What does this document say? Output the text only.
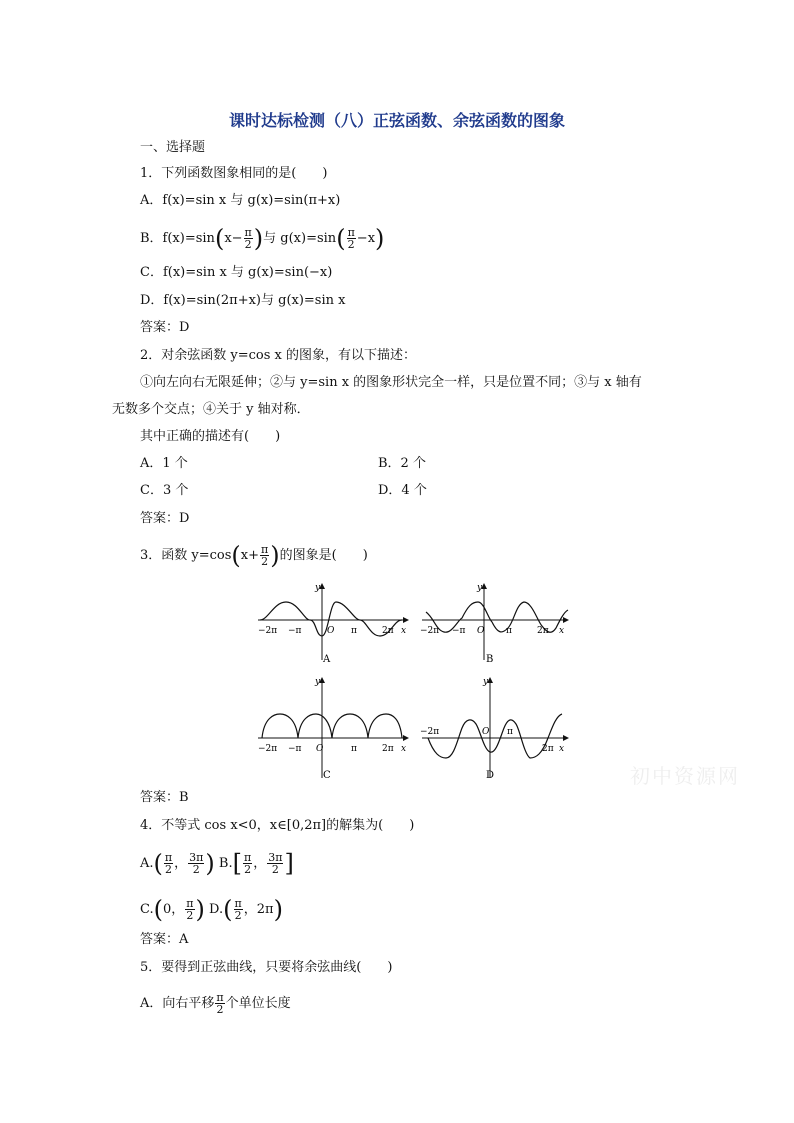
课时达标检测（八）正弦函数、余弦函数的图象
一、选择题
1．下列函数图象相同的是(　　)
A．f(x)=sin x 与 g(x)=sin(π+x)
B．$f(x)=\sin(x- \frac{\pi}{2}$ )与 $g(x)=\sin( \frac{\pi}{2} -x)$
C．f(x)=sin x 与 g(x)=sin(−x)
D．f(x)=sin(2π+x)与 g(x)=sin x
答案：D
2．对余弦函数 y=cos x 的图象，有以下描述：
①向左向右无限延伸；②与 y=sin x 的图象形状完全一样，只是位置不同；③与 x 轴有
无数多个交点；④关于 y 轴对称．
其中正确的描述有(　　)
A．1 个	B．2 个
C．3 个	D．4 个
答案：D
3．函数 $y=\cos(x+ \frac{\pi}{2}$ )的图象是(　　)
−2π −π	O π	2π x
y
A
−2π −π O π	2π x
y
B
−2π −π O	π	2π x
y
C
−2π	O π
2π x
y
D
答案：B
4．不等式 cos x<0，x∈[0,2π]的解集为(　　)
$A.( \frac{\pi}{2}$ ， $\frac{3\pi}{2}$ ) $B.[ \frac{\pi}{2}$ ， $\frac{3\pi}{2}$ ]
C.(0， $\frac{\pi}{2}$ ) $D.( \frac{\pi}{2}$ ，2π)
答案：A
5．要得到正弦曲线，只要将余弦曲线(　　)
A．向右平移 $\frac{\pi}{2}$ 个单位长度
初中资源网
